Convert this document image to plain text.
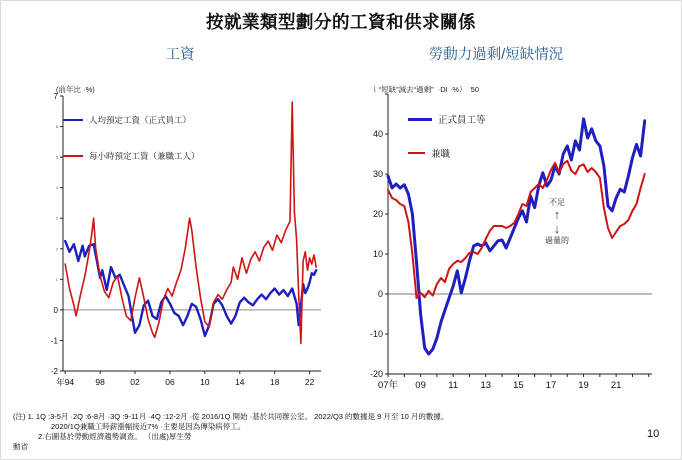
按就業類型劃分的工資和供求關係
工資	勞動力過剩/短缺情況
(前年比 ·%)	（ “短缺”減去“過剩”  ·DI ·%）  50
7
6
5
4
3
2
1
0
-1
-2
年94 98	02	06	10	14	18	22
40
30
20
10
0
-10
-20
07年 09 11 13 15 17 19 21
人均預定工資（正式員工）
每小時預定工資（兼職工人）
正式員工等
兼職
不足
↑
↓
過量的
(注) 1. 1Q :3-5月 ·2Q :6-8月 ·3Q :9-11月 ·4Q :12-2月 ·從 2016/1Q 開始 ·基於共同辦公室。 2022/Q3 的數據是 9 月至 10 月的數據。
2020/1Q兼職工時薪漲幅接近7% ·主要是因為傳染病停工。
2.右圖基於勞動經濟趨勢調查。 （出處)厚生勞
動省
10
